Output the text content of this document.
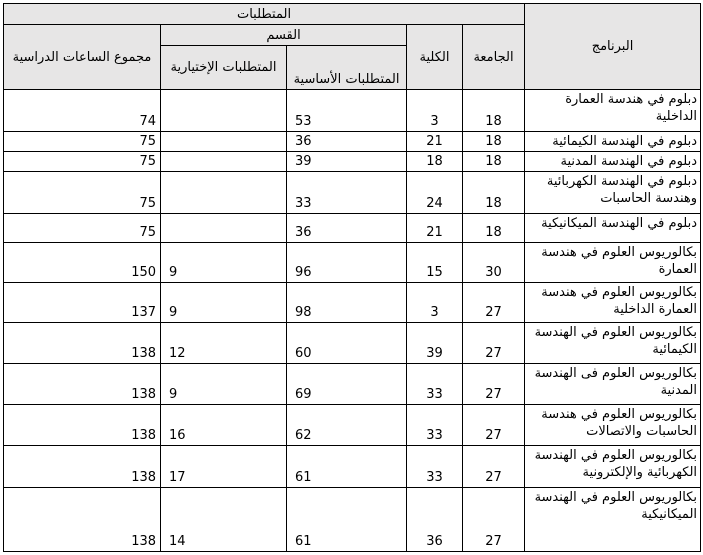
البرنامج	المتطلبات				
	الجامعة	الكلية	القسم		مجموع الساعات الدراسية
			المتطلبات الأساسية	المتطلبات الإختيارية	
دبلوم في هندسة العمارة الداخلية	18	3	53		74
دبلوم في الهندسة الكيمائية	18	21	36		75
دبلوم في الهندسة المدنية	18	18	39		75
دبلوم في الهندسة الكهربائية وهندسة الحاسبات	18	24	33		75
دبلوم في الهندسة الميكانيكية	18	21	36		75
بكالوريوس العلوم في هندسة العمارة	30	15	96	9	150
بكالوريوس العلوم في هندسة العمارة الداخلية	27	3	98	9	137
بكالوريوس العلوم في الهندسة الكيمائية	27	39	60	12	138
بكالوريوس العلوم فى الهندسة المدنية	27	33	69	9	138
بكالوريوس العلوم في هندسة الحاسبات والاتصالات	27	33	62	16	138
بكالوريوس العلوم في الهندسة الكهربائية والإلكترونية	27	33	61	17	138
بكالوريوس العلوم في الهندسة الميكانيكية	27	36	61	14	138
